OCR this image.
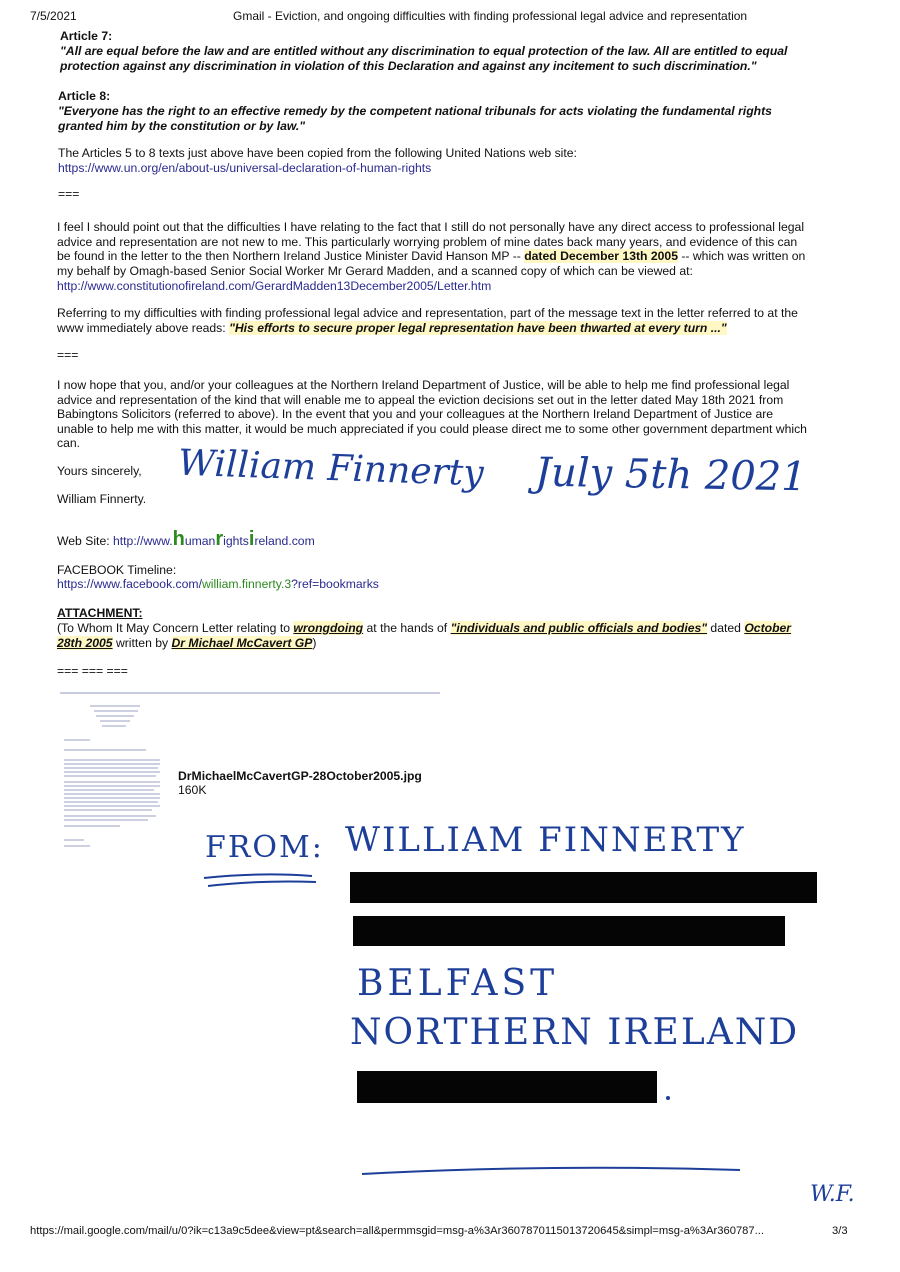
7/5/2021	Gmail - Eviction, and ongoing difficulties with finding professional legal advice and representation
Article 7:
"All are equal before the law and are entitled without any discrimination to equal protection of the law. All are entitled to equal
protection against any discrimination in violation of this Declaration and against any incitement to such discrimination."
Article 8:
"Everyone has the right to an effective remedy by the competent national tribunals for acts violating the fundamental rights
granted him by the constitution or by law."
The Articles 5 to 8 texts just above have been copied from the following United Nations web site:
https://www.un.org/en/about-us/universal-declaration-of-human-rights
===
I feel I should point out that the difficulties I have relating to the fact that I still do not personally have any direct access to professional legal
advice and representation are not new to me. This particularly worrying problem of mine dates back many years, and evidence of this can
be found in the letter to the then Northern Ireland Justice Minister David Hanson MP -- dated December 13th 2005 -- which was written on
my behalf by Omagh-based Senior Social Worker Mr Gerard Madden, and a scanned copy of which can be viewed at:
http://www.constitutionofireland.com/GerardMadden13December2005/Letter.htm
Referring to my difficulties with finding professional legal advice and representation, part of the message text in the letter referred to at the
www immediately above reads: "His efforts to secure proper legal representation have been thwarted at every turn ..."
===
I now hope that you, and/or your colleagues at the Northern Ireland Department of Justice, will be able to help me find professional legal
advice and representation of the kind that will enable me to appeal the eviction decisions set out in the letter dated May 18th 2021 from
Babingtons Solicitors (referred to above). In the event that you and your colleagues at the Northern Ireland Department of Justice are
unable to help me with this matter, it would be much appreciated if you could please direct me to some other government department which
can.
Yours sincerely,
William Finnerty.
William Finnerty July 5th 2021
Web Site: http://www.humanrightsireland.com
FACEBOOK Timeline:
https://www.facebook.com/william.finnerty.3?ref=bookmarks
ATTACHMENT:
(To Whom It May Concern Letter relating to wrongdoing at the hands of "individuals and public officials and bodies" dated October
28th 2005 written by Dr Michael McCavert GP)
=== === ===
DrMichaelMcCavertGP-28October2005.jpg
160K
FROM: WILLIAM FINNERTY
BELFAST
NORTHERN IRELAND
W.F.
https://mail.google.com/mail/u/0?ik=c13a9c5dee&view=pt&search=all&permmsgid=msg-a%3Ar3607870115013720645&simpl=msg-a%3Ar360787...	3/3
